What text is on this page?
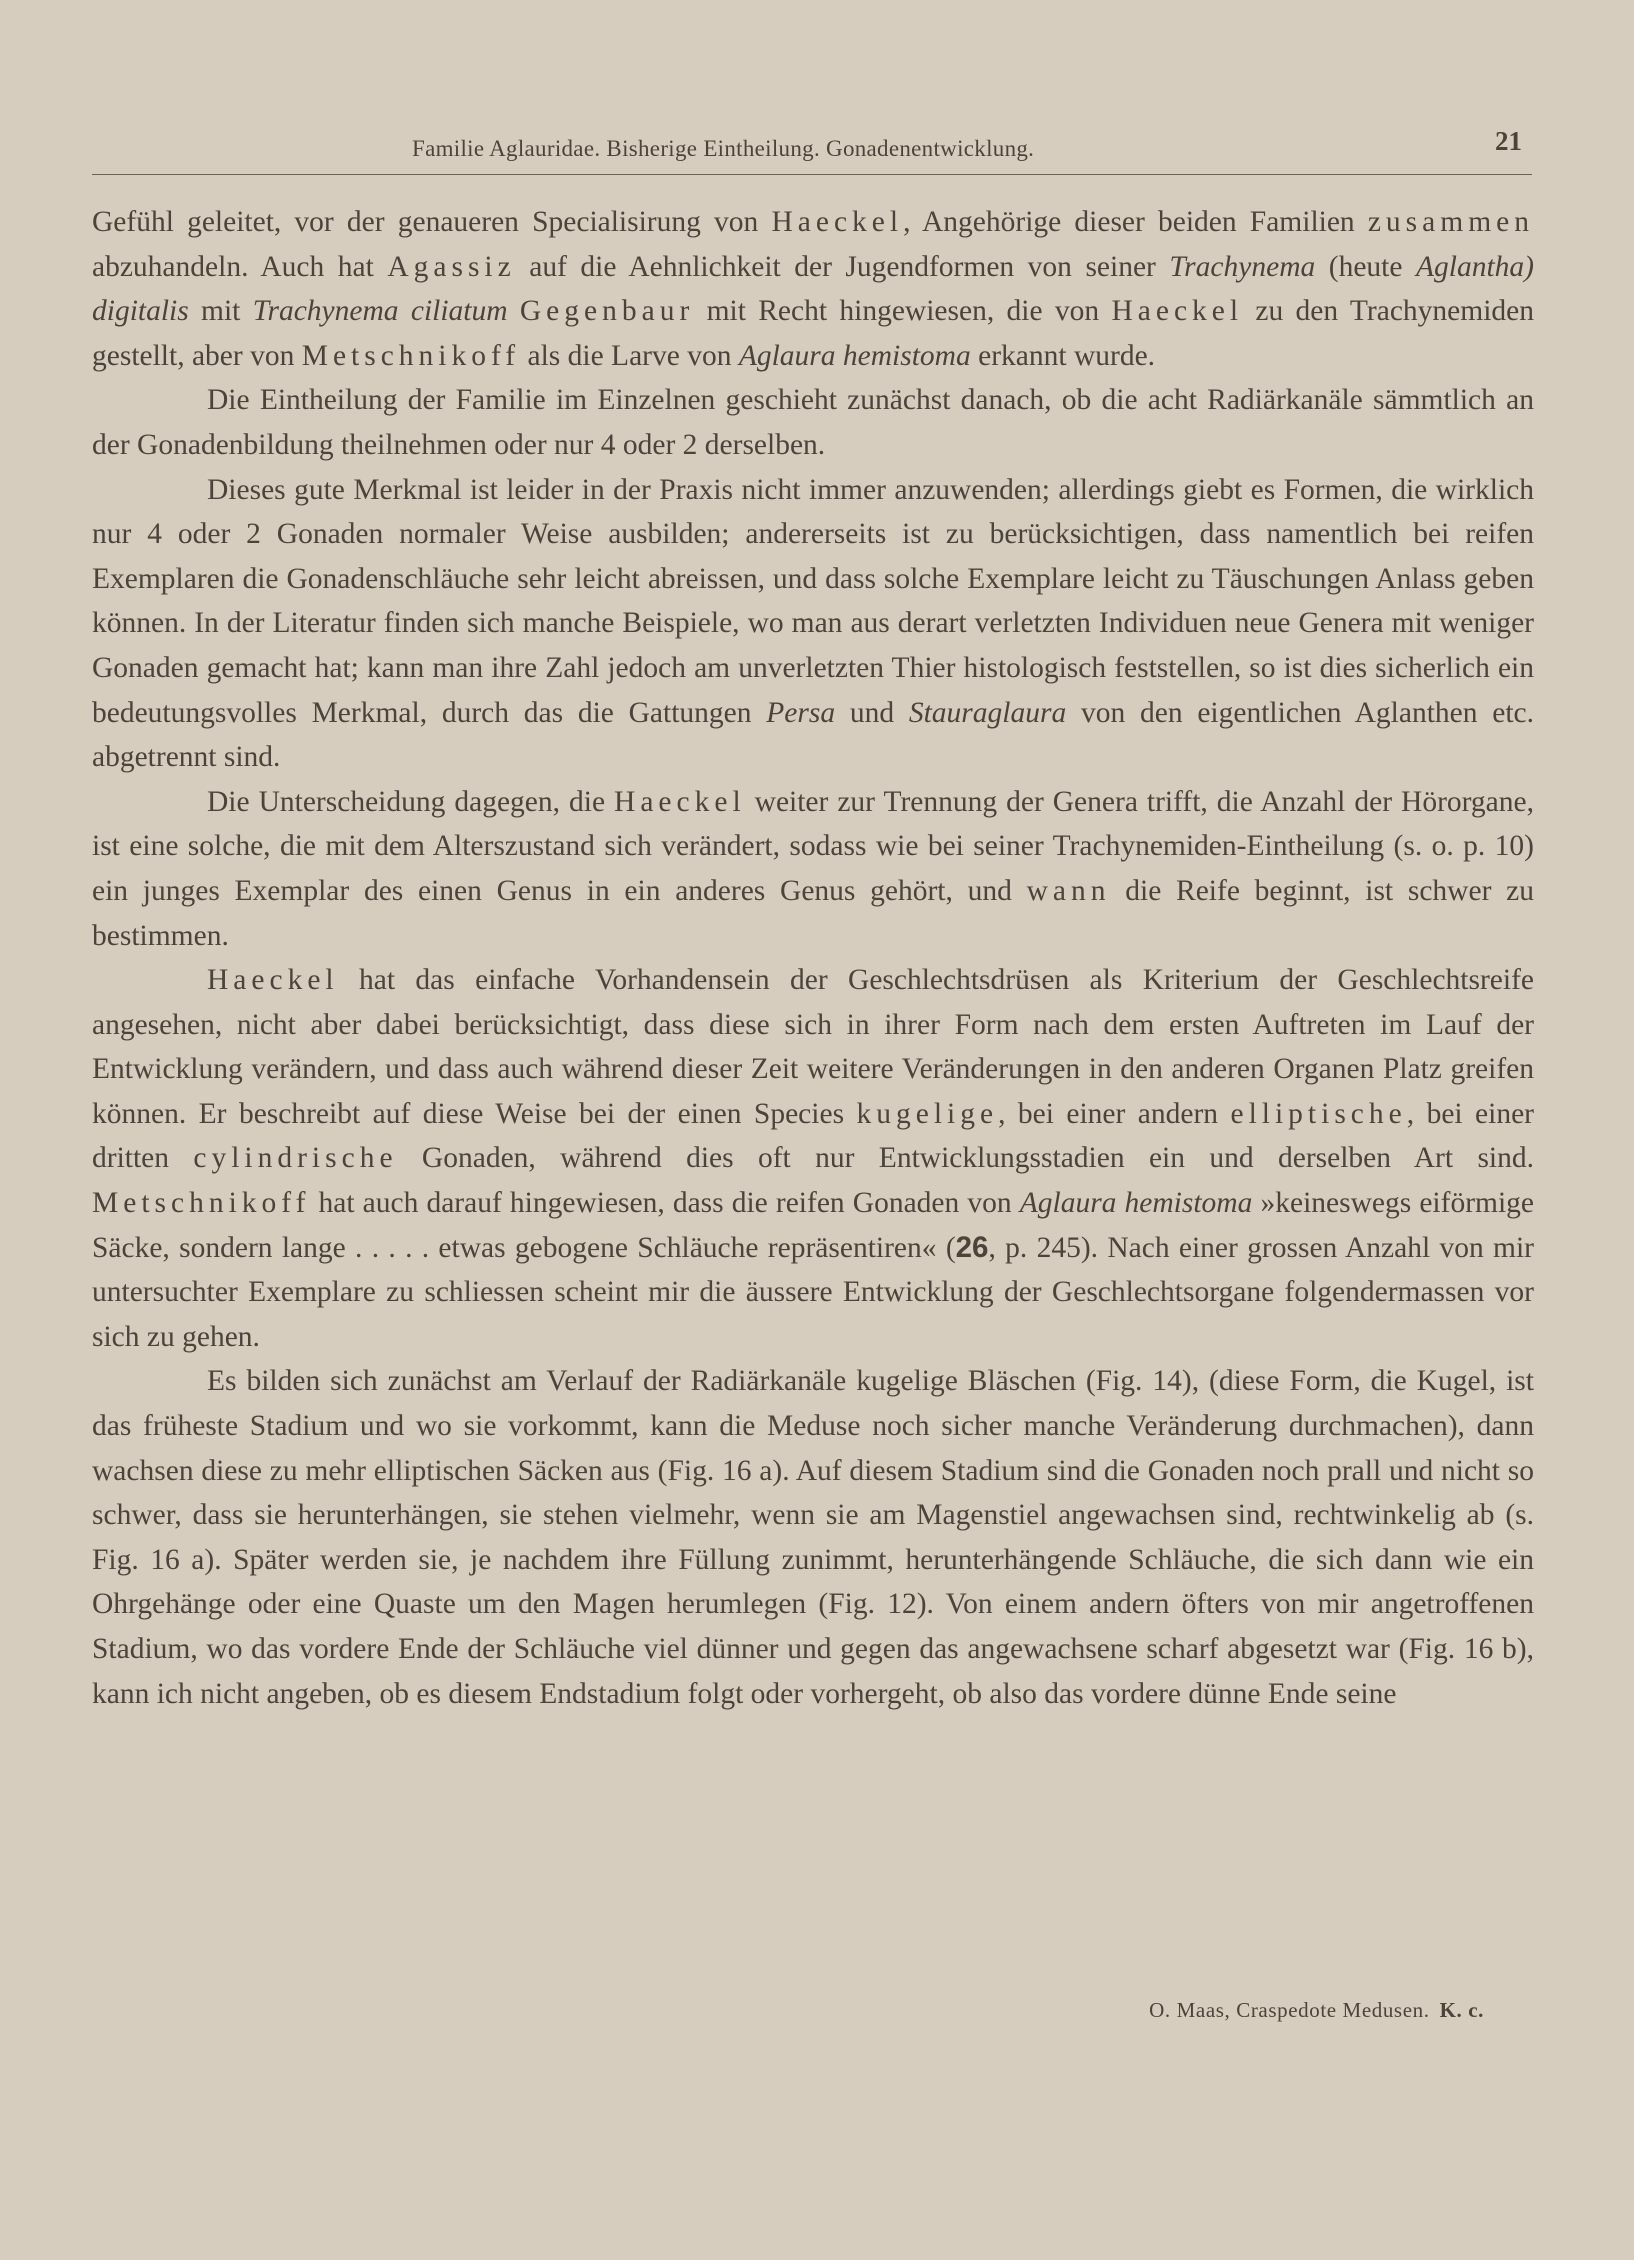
Familie Aglauridae. Bisherige Eintheilung. Gonadenentwicklung.	21

Gefühl geleitet, vor der genaueren Specialisirung von Haeckel, Angehörige dieser beiden Familien zusammen abzuhandeln. Auch hat Agassiz auf die Aehnlichkeit der Jugendformen von seiner Trachynema (heute Aglantha) digitalis mit Trachynema ciliatum Gegenbaur mit Recht hingewiesen, die von Haeckel zu den Trachynemiden gestellt, aber von Metschnikoff als die Larve von Aglaura hemistoma erkannt wurde.

Die Eintheilung der Familie im Einzelnen geschieht zunächst danach, ob die acht Radiärkanäle sämmtlich an der Gonadenbildung theilnehmen oder nur 4 oder 2 derselben.

Dieses gute Merkmal ist leider in der Praxis nicht immer anzuwenden; allerdings giebt es Formen, die wirklich nur 4 oder 2 Gonaden normaler Weise ausbilden; andererseits ist zu berücksichtigen, dass namentlich bei reifen Exemplaren die Gonadenschläuche sehr leicht abreissen, und dass solche Exemplare leicht zu Täuschungen Anlass geben können. In der Literatur finden sich manche Beispiele, wo man aus derart verletzten Individuen neue Genera mit weniger Gonaden gemacht hat; kann man ihre Zahl jedoch am unverletzten Thier histologisch feststellen, so ist dies sicherlich ein bedeutungsvolles Merkmal, durch das die Gattungen Persa und Stauraglaura von den eigentlichen Aglanthen etc. abgetrennt sind.

Die Unterscheidung dagegen, die Haeckel weiter zur Trennung der Genera trifft, die Anzahl der Hörorgane, ist eine solche, die mit dem Alterszustand sich verändert, sodass wie bei seiner Trachynemiden-Eintheilung (s. o. p. 10) ein junges Exemplar des einen Genus in ein anderes Genus gehört, und wann die Reife beginnt, ist schwer zu bestimmen.

Haeckel hat das einfache Vorhandensein der Geschlechtsdrüsen als Kriterium der Geschlechtsreife angesehen, nicht aber dabei berücksichtigt, dass diese sich in ihrer Form nach dem ersten Auftreten im Lauf der Entwicklung verändern, und dass auch während dieser Zeit weitere Veränderungen in den anderen Organen Platz greifen können. Er beschreibt auf diese Weise bei der einen Species kugelige, bei einer andern elliptische, bei einer dritten cylindrische Gonaden, während dies oft nur Entwicklungsstadien ein und derselben Art sind. Metschnikoff hat auch darauf hingewiesen, dass die reifen Gonaden von Aglaura hemistoma »keineswegs eiförmige Säcke, sondern lange . . . . . etwas gebogene Schläuche repräsentiren« (26, p. 245). Nach einer grossen Anzahl von mir untersuchter Exemplare zu schliessen scheint mir die äussere Entwicklung der Geschlechtsorgane folgendermassen vor sich zu gehen.

Es bilden sich zunächst am Verlauf der Radiärkanäle kugelige Bläschen (Fig. 14), (diese Form, die Kugel, ist das früheste Stadium und wo sie vorkommt, kann die Meduse noch sicher manche Veränderung durchmachen), dann wachsen diese zu mehr elliptischen Säcken aus (Fig. 16 a). Auf diesem Stadium sind die Gonaden noch prall und nicht so schwer, dass sie herunterhängen, sie stehen vielmehr, wenn sie am Magenstiel angewachsen sind, rechtwinkelig ab (s. Fig. 16 a). Später werden sie, je nachdem ihre Füllung zunimmt, herunterhängende Schläuche, die sich dann wie ein Ohrgehänge oder eine Quaste um den Magen herumlegen (Fig. 12). Von einem andern öfters von mir angetroffenen Stadium, wo das vordere Ende der Schläuche viel dünner und gegen das angewachsene scharf abgesetzt war (Fig. 16 b), kann ich nicht angeben, ob es diesem Endstadium folgt oder vorhergeht, ob also das vordere dünne Ende seine

O. Maas, Craspedote Medusen. K. c.
